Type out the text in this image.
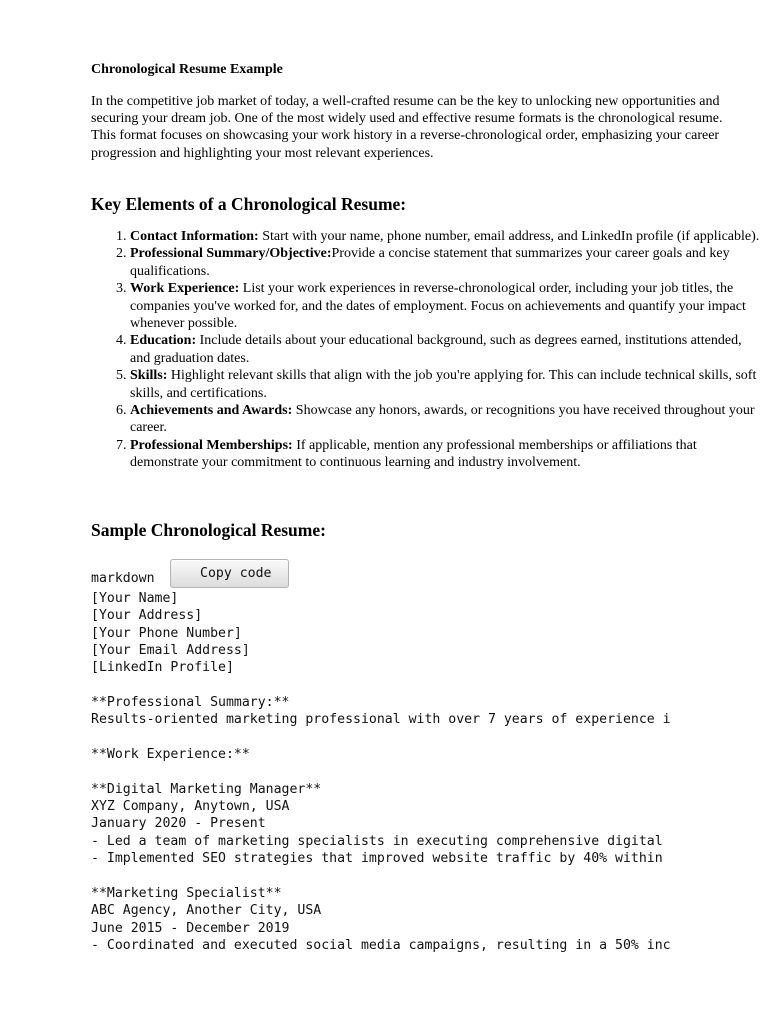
Chronological Resume Example

In the competitive job market of today, a well-crafted resume can be the key to unlocking new opportunities and securing your dream job. One of the most widely used and effective resume formats is the chronological resume. This format focuses on showcasing your work history in a reverse-chronological order, emphasizing your career progression and highlighting your most relevant experiences.

Key Elements of a Chronological Resume:
1. Contact Information: Start with your name, phone number, email address, and LinkedIn profile (if applicable).
2. Professional Summary/Objective:Provide a concise statement that summarizes your career goals and key qualifications.
3. Work Experience: List your work experiences in reverse-chronological order, including your job titles, the companies you've worked for, and the dates of employment. Focus on achievements and quantify your impact whenever possible.
4. Education: Include details about your educational background, such as degrees earned, institutions attended, and graduation dates.
5. Skills: Highlight relevant skills that align with the job you're applying for. This can include technical skills, soft skills, and certifications.
6. Achievements and Awards: Showcase any honors, awards, or recognitions you have received throughout your career.
7. Professional Memberships: If applicable, mention any professional memberships or affiliations that demonstrate your commitment to continuous learning and industry involvement.
Sample Chronological Resume:
markdown	Copy code
[Your Name]
[Your Address]
[Your Phone Number]
[Your Email Address]
[LinkedIn Profile]
**Professional Summary:**
Results-oriented marketing professional with over 7 years of experience i
**Work Experience:**
**Digital Marketing Manager**
XYZ Company, Anytown, USA
January 2020 - Present
- Led a team of marketing specialists in executing comprehensive digital
- Implemented SEO strategies that improved website traffic by 40% within
**Marketing Specialist**
ABC Agency, Another City, USA
June 2015 - December 2019
- Coordinated and executed social media campaigns, resulting in a 50% inc
